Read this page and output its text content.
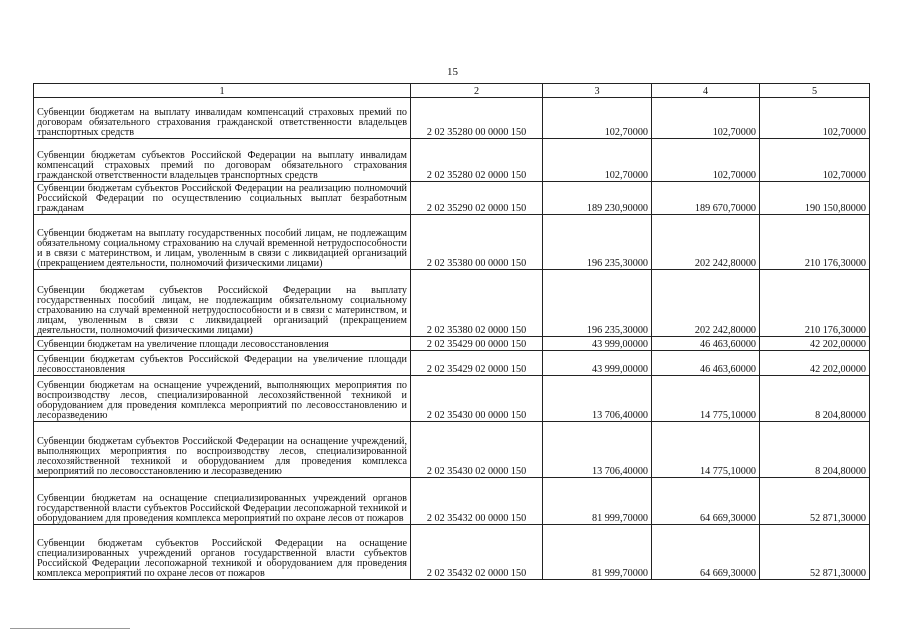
15
1	2	3	4	5
Субвенции бюджетам на выплату инвалидам компенсаций страховых премий по договорам обязательного страхования гражданской ответственности владельцев транспортных средств	2 02 35280 00 0000 150	102,70000	102,70000	102,70000
Субвенции бюджетам субъектов Российской Федерации на выплату инвалидам компенсаций страховых премий по договорам обязательного страхования гражданской ответственности владельцев транспортных средств	2 02 35280 02 0000 150	102,70000	102,70000	102,70000
Субвенции бюджетам субъектов Российской Федерации на реализацию полномочий Российской Федерации по осуществлению социальных выплат безработным гражданам	2 02 35290 02 0000 150	189 230,90000	189 670,70000	190 150,80000
Субвенции бюджетам на выплату государственных пособий лицам, не подлежащим обязательному социальному страхованию на случай временной нетрудоспособности и в связи с материнством, и лицам, уволенным в связи с ликвидацией организаций (прекращением деятельности, полномочий физическими лицами)	2 02 35380 00 0000 150	196 235,30000	202 242,80000	210 176,30000
Субвенции бюджетам субъектов Российской Федерации на выплату государственных пособий лицам, не подлежащим обязательному социальному страхованию на случай временной нетрудоспособности и в связи с материнством, и лицам, уволенным в связи с ликвидацией организаций (прекращением деятельности, полномочий физическими лицами)	2 02 35380 02 0000 150	196 235,30000	202 242,80000	210 176,30000
Субвенции бюджетам на увеличение площади лесовосстановления	2 02 35429 00 0000 150	43 999,00000	46 463,60000	42 202,00000
Субвенции бюджетам субъектов Российской Федерации на увеличение площади лесовосстановления	2 02 35429 02 0000 150	43 999,00000	46 463,60000	42 202,00000
Субвенции бюджетам на оснащение учреждений, выполняющих мероприятия по воспроизводству лесов, специализированной лесохозяйственной техникой и оборудованием для проведения комплекса мероприятий по лесовосстановлению и лесоразведению	2 02 35430 00 0000 150	13 706,40000	14 775,10000	8 204,80000
Субвенции бюджетам субъектов Российской Федерации на оснащение учреждений, выполняющих мероприятия по воспроизводству лесов, специализированной лесохозяйственной техникой и оборудованием для проведения комплекса мероприятий по лесовосстановлению и лесоразведению	2 02 35430 02 0000 150	13 706,40000	14 775,10000	8 204,80000
Субвенции бюджетам на оснащение специализированных учреждений органов государственной власти субъектов Российской Федерации лесопожарной техникой и оборудованием для проведения комплекса мероприятий по охране лесов от пожаров	2 02 35432 00 0000 150	81 999,70000	64 669,30000	52 871,30000
Субвенции бюджетам субъектов Российской Федерации на оснащение специализированных учреждений органов государственной власти субъектов Российской Федерации лесопожарной техникой и оборудованием для проведения комплекса мероприятий по охране лесов от пожаров	2 02 35432 02 0000 150	81 999,70000	64 669,30000	52 871,30000
